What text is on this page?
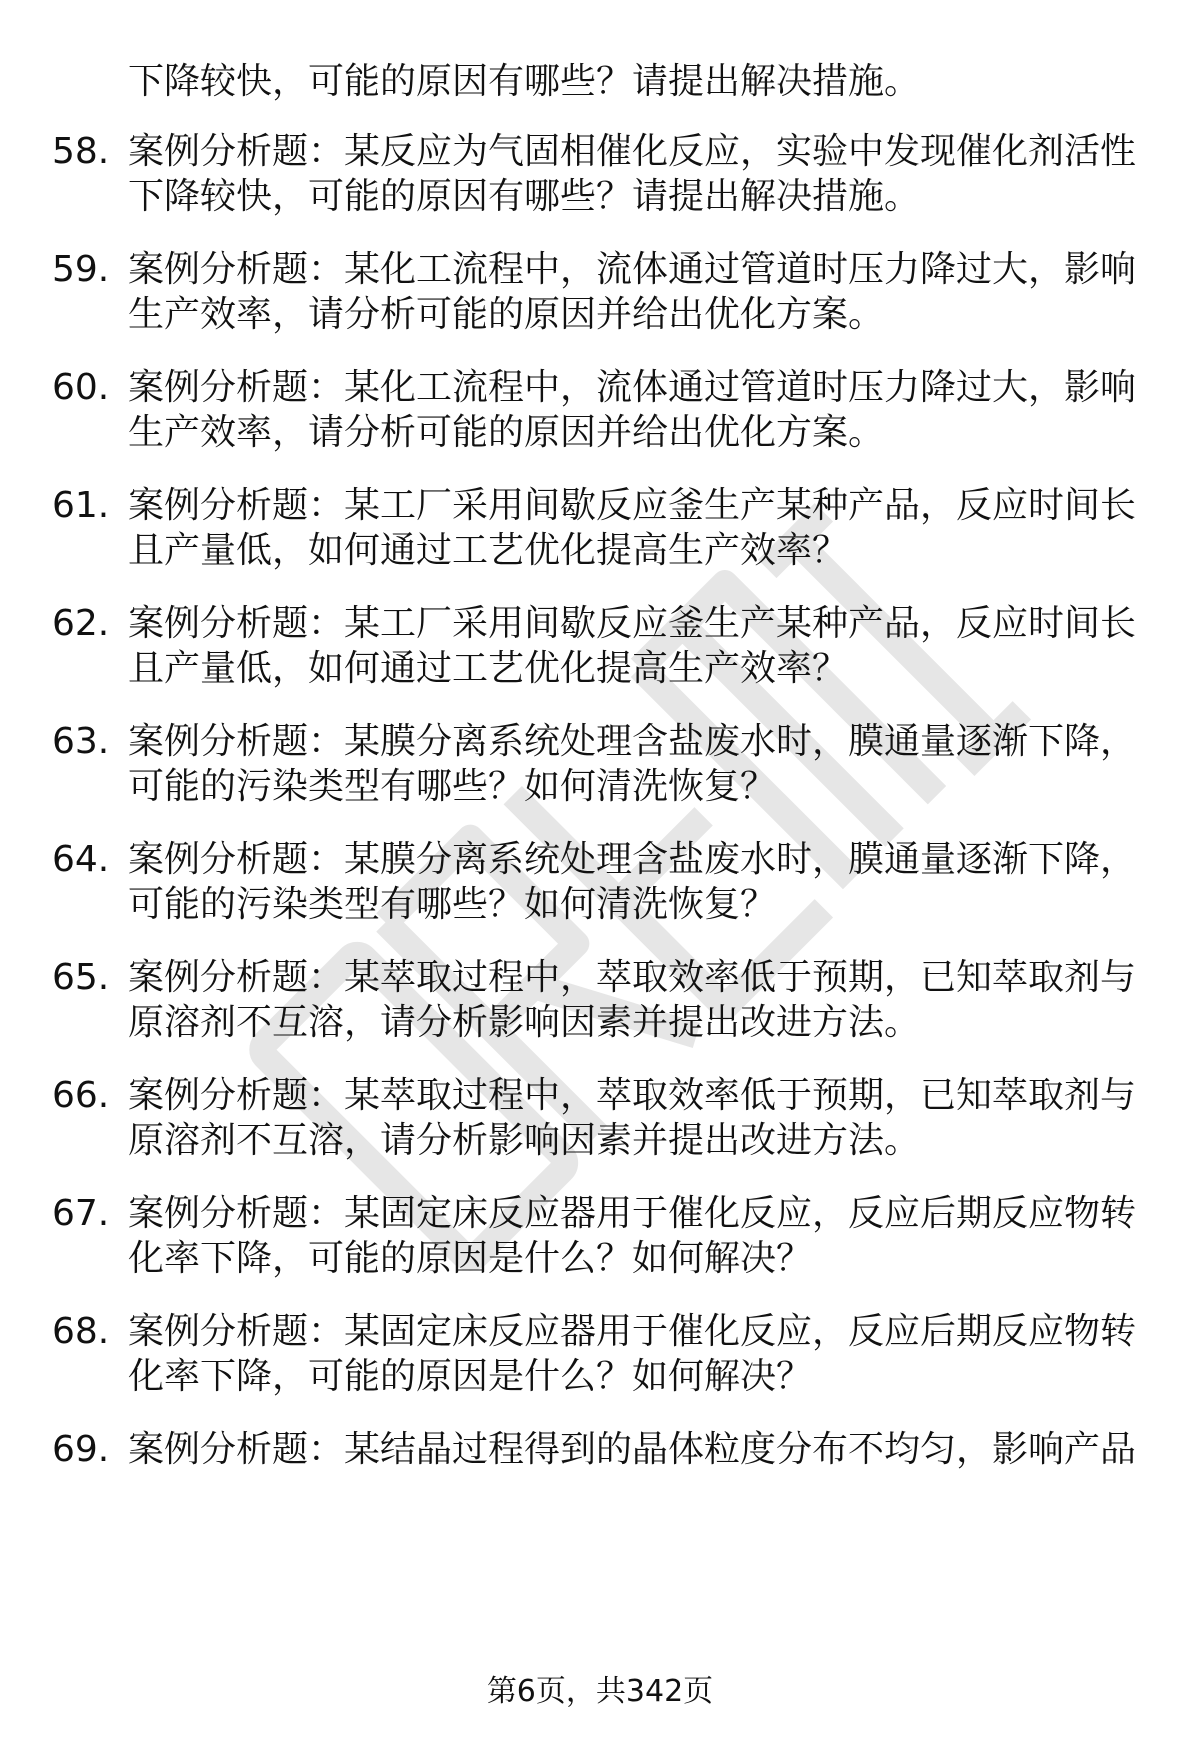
下降较快，可能的原因有哪些？请提出解决措施。
58. 案例分析题：某反应为气固相催化反应，实验中发现催化剂活性
下降较快，可能的原因有哪些？请提出解决措施。
59. 案例分析题：某化工流程中，流体通过管道时压力降过大，影响
生产效率，请分析可能的原因并给出优化方案。
60. 案例分析题：某化工流程中，流体通过管道时压力降过大，影响
生产效率，请分析可能的原因并给出优化方案。
61. 案例分析题：某工厂采用间歇反应釜生产某种产品，反应时间长
且产量低，如何通过工艺优化提高生产效率？
62. 案例分析题：某工厂采用间歇反应釜生产某种产品，反应时间长
且产量低，如何通过工艺优化提高生产效率？
63. 案例分析题：某膜分离系统处理含盐废水时，膜通量逐渐下降，
可能的污染类型有哪些？如何清洗恢复？
64. 案例分析题：某膜分离系统处理含盐废水时，膜通量逐渐下降，
可能的污染类型有哪些？如何清洗恢复？
65. 案例分析题：某萃取过程中，萃取效率低于预期，已知萃取剂与
原溶剂不互溶，请分析影响因素并提出改进方法。
66. 案例分析题：某萃取过程中，萃取效率低于预期，已知萃取剂与
原溶剂不互溶，请分析影响因素并提出改进方法。
67. 案例分析题：某固定床反应器用于催化反应，反应后期反应物转
化率下降，可能的原因是什么？如何解决？
68. 案例分析题：某固定床反应器用于催化反应，反应后期反应物转
化率下降，可能的原因是什么？如何解决？
69. 案例分析题：某结晶过程得到的晶体粒度分布不均匀，影响产品
第6页，共342页
